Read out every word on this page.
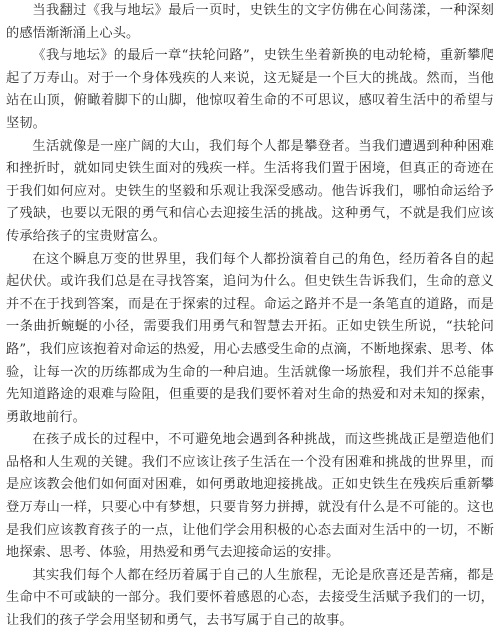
当我翻过《我与地坛》最后一页时，史铁生的文字仿佛在心间荡漾，一种深刻的感悟渐渐涌上心头。

《我与地坛》的最后一章“扶轮问路”，史铁生坐着新换的电动轮椅，重新攀爬起了万寿山。对于一个身体残疾的人来说，这无疑是一个巨大的挑战。然而，当他站在山顶，俯瞰着脚下的山脚，他惊叹着生命的不可思议，感叹着生活中的希望与坚韧。

生活就像是一座广阔的大山，我们每个人都是攀登者。当我们遭遇到种种困难和挫折时，就如同史铁生面对的残疾一样。生活将我们置于困境，但真正的奇迹在于我们如何应对。史铁生的坚毅和乐观让我深受感动。他告诉我们，哪怕命运给予了残缺，也要以无限的勇气和信心去迎接生活的挑战。这种勇气，不就是我们应该传承给孩子的宝贵财富么。

在这个瞬息万变的世界里，我们每个人都扮演着自己的角色，经历着各自的起起伏伏。或许我们总是在寻找答案，追问为什么。但史铁生告诉我们，生命的意义并不在于找到答案，而是在于探索的过程。命运之路并不是一条笔直的道路，而是一条曲折蜿蜒的小径，需要我们用勇气和智慧去开拓。正如史铁生所说，“扶轮问路”，我们应该抱着对命运的热爱，用心去感受生命的点滴，不断地探索、思考、体验，让每一次的历练都成为生命的一种启迪。生活就像一场旅程，我们并不总能事先知道路途的艰难与险阻，但重要的是我们要怀着对生命的热爱和对未知的探索，勇敢地前行。

在孩子成长的过程中，不可避免地会遇到各种挑战，而这些挑战正是塑造他们品格和人生观的关键。我们不应该让孩子生活在一个没有困难和挑战的世界里，而是应该教会他们如何面对困难，如何勇敢地迎接挑战。正如史铁生在残疾后重新攀登万寿山一样，只要心中有梦想，只要肯努力拼搏，就没有什么是不可能的。这也是我们应该教育孩子的一点，让他们学会用积极的心态去面对生活中的一切，不断地探索、思考、体验，用热爱和勇气去迎接命运的安排。

其实我们每个人都在经历着属于自己的人生旅程，无论是欣喜还是苦痛，都是生命中不可或缺的一部分。我们要怀着感恩的心态，去接受生活赋予我们的一切，让我们的孩子学会用坚韧和勇气，去书写属于自己的故事。
